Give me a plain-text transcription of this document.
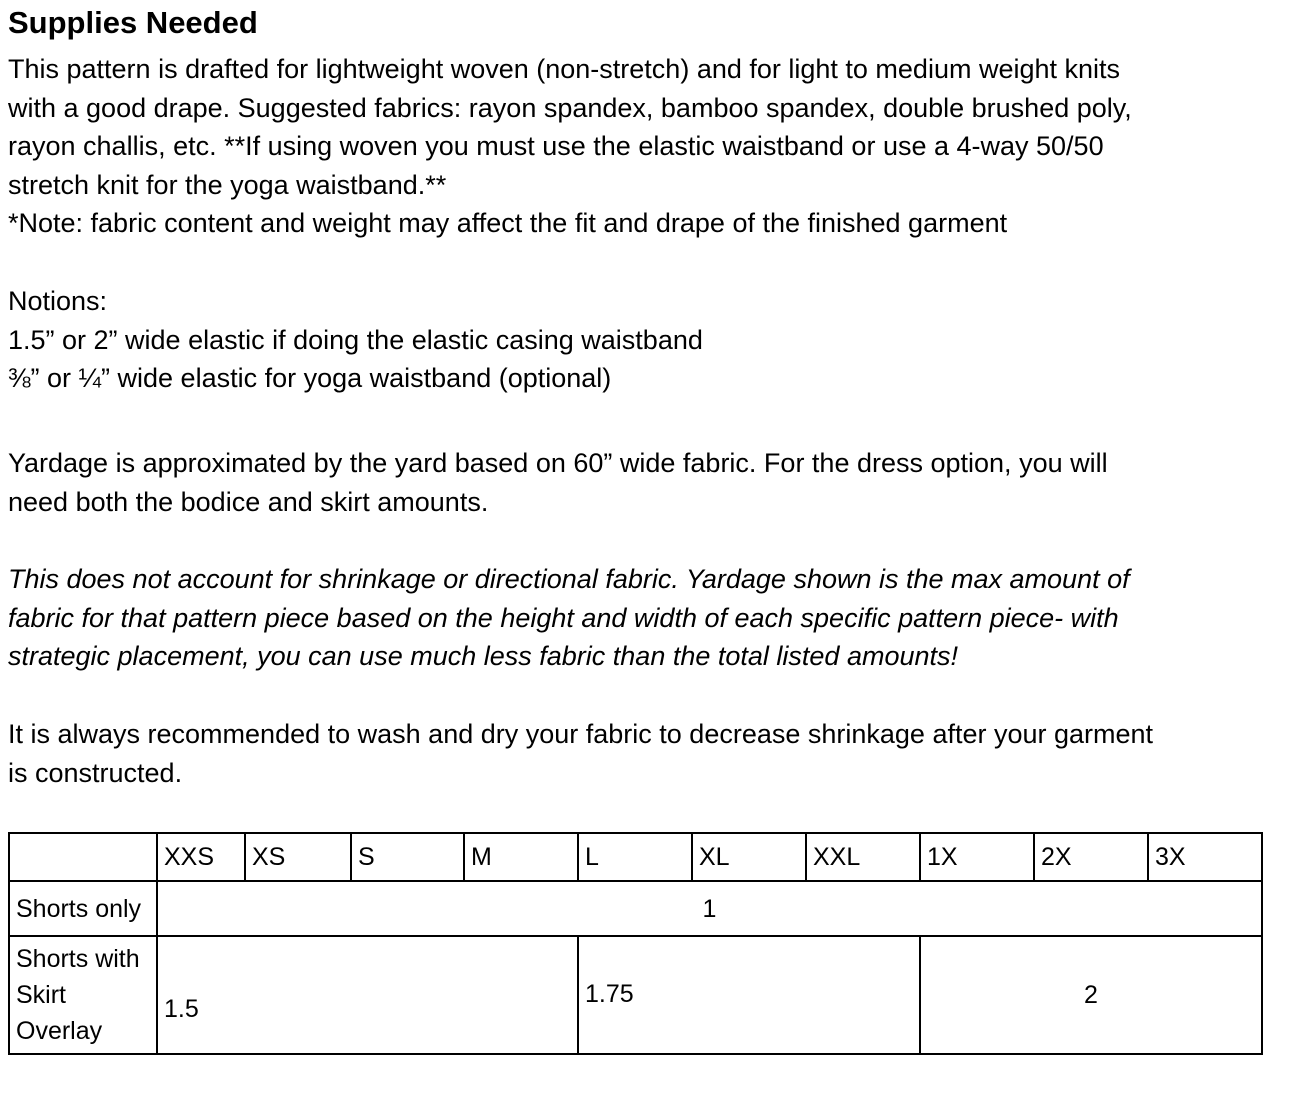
Supplies Needed

This pattern is drafted for lightweight woven (non-stretch) and for light to medium weight knits
with a good drape. Suggested fabrics: rayon spandex, bamboo spandex, double brushed poly,
rayon challis, etc. **If using woven you must use the elastic waistband or use a 4-way 50/50
stretch knit for the yoga waistband.**
*Note: fabric content and weight may affect the fit and drape of the finished garment

Notions:
1.5” or 2” wide elastic if doing the elastic casing waistband
⅜” or ¼” wide elastic for yoga waistband (optional)

Yardage is approximated by the yard based on 60” wide fabric. For the dress option, you will
need both the bodice and skirt amounts.

This does not account for shrinkage or directional fabric. Yardage shown is the max amount of
fabric for that pattern piece based on the height and width of each specific pattern piece- with
strategic placement, you can use much less fabric than the total listed amounts!

It is always recommended to wash and dry your fabric to decrease shrinkage after your garment
is constructed.

	XXS	XS	S	M	L	XL	XXL	1X	2X	3X
Shorts only	1									

Shorts with
Skirt
Overlay	1.5				1.75			2		
